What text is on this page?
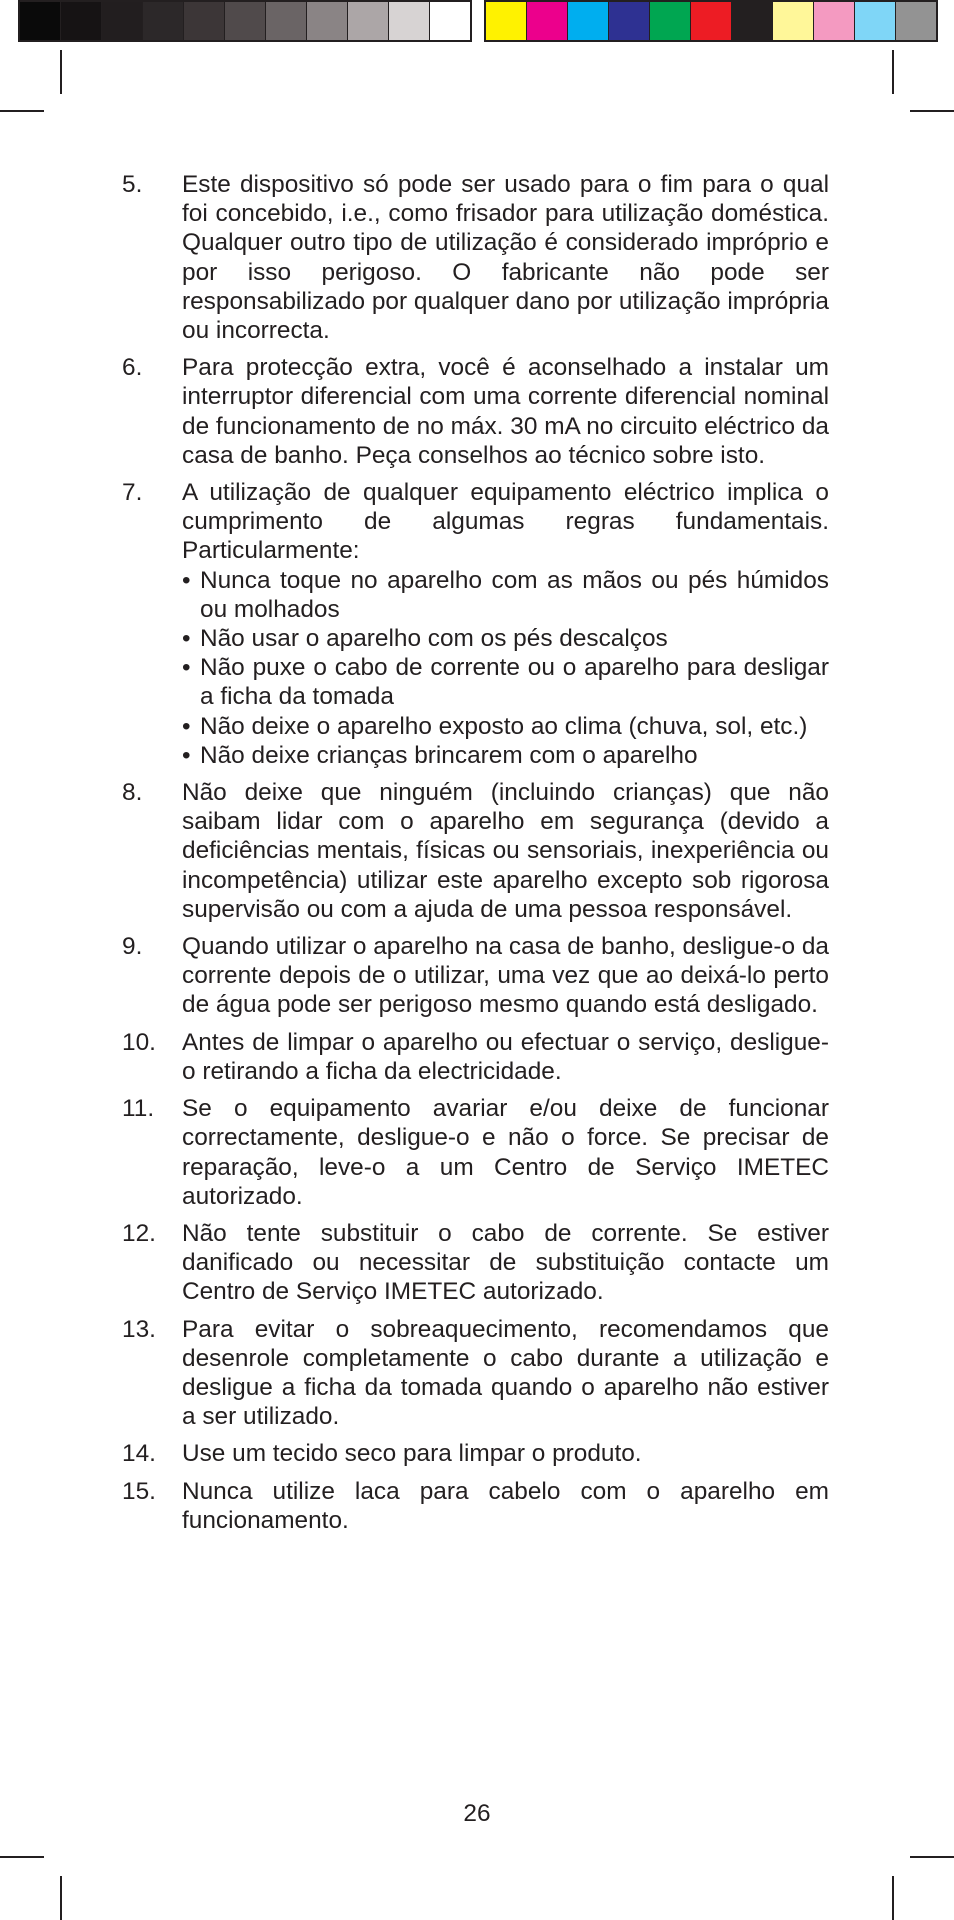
5. Este dispositivo só pode ser usado para o fim para o qual foi concebido, i.e., como frisador para utilização doméstica. Qualquer outro tipo de utilização é considerado impróprio e por isso perigoso. O fabricante não pode ser responsabilizado por qualquer dano por utilização imprópria ou incorrecta.
6. Para protecção extra, você é aconselhado a instalar um interruptor diferencial com uma corrente diferencial nominal de funcionamento de no máx. 30 mA no circuito eléctrico da casa de banho. Peça conselhos ao técnico sobre isto.
7. A utilização de qualquer equipamento eléctrico implica o cumprimento de algumas regras fundamentais. Particularmente:
• Nunca toque no aparelho com as mãos ou pés húmidos ou molhados
• Não usar o aparelho com os pés descalços
• Não puxe o cabo de corrente ou o aparelho para desligar a ficha da tomada
• Não deixe o aparelho exposto ao clima (chuva, sol, etc.)
• Não deixe crianças brincarem com o aparelho
8. Não deixe que ninguém (incluindo crianças) que não saibam lidar com o aparelho em segurança (devido a deficiências mentais, físicas ou sensoriais, inexperiência ou incompetência) utilizar este aparelho excepto sob rigorosa supervisão ou com a ajuda de uma pessoa responsável.
9. Quando utilizar o aparelho na casa de banho, desligue-o da corrente depois de o utilizar, uma vez que ao deixá-lo perto de água pode ser perigoso mesmo quando está desligado.
10. Antes de limpar o aparelho ou efectuar o serviço, desligue-o retirando a ficha da electricidade.
11. Se o equipamento avariar e/ou deixe de funcionar correctamente, desligue-o e não o force. Se precisar de reparação, leve-o a um Centro de Serviço IMETEC autorizado.
12. Não tente substituir o cabo de corrente. Se estiver danificado ou necessitar de substituição contacte um Centro de Serviço IMETEC autorizado.
13. Para evitar o sobreaquecimento, recomendamos que desenrole completamente o cabo durante a utilização e desligue a ficha da tomada quando o aparelho não estiver a ser utilizado.
14. Use um tecido seco para limpar o produto.
15. Nunca utilize laca para cabelo com o aparelho em funcionamento.
26
